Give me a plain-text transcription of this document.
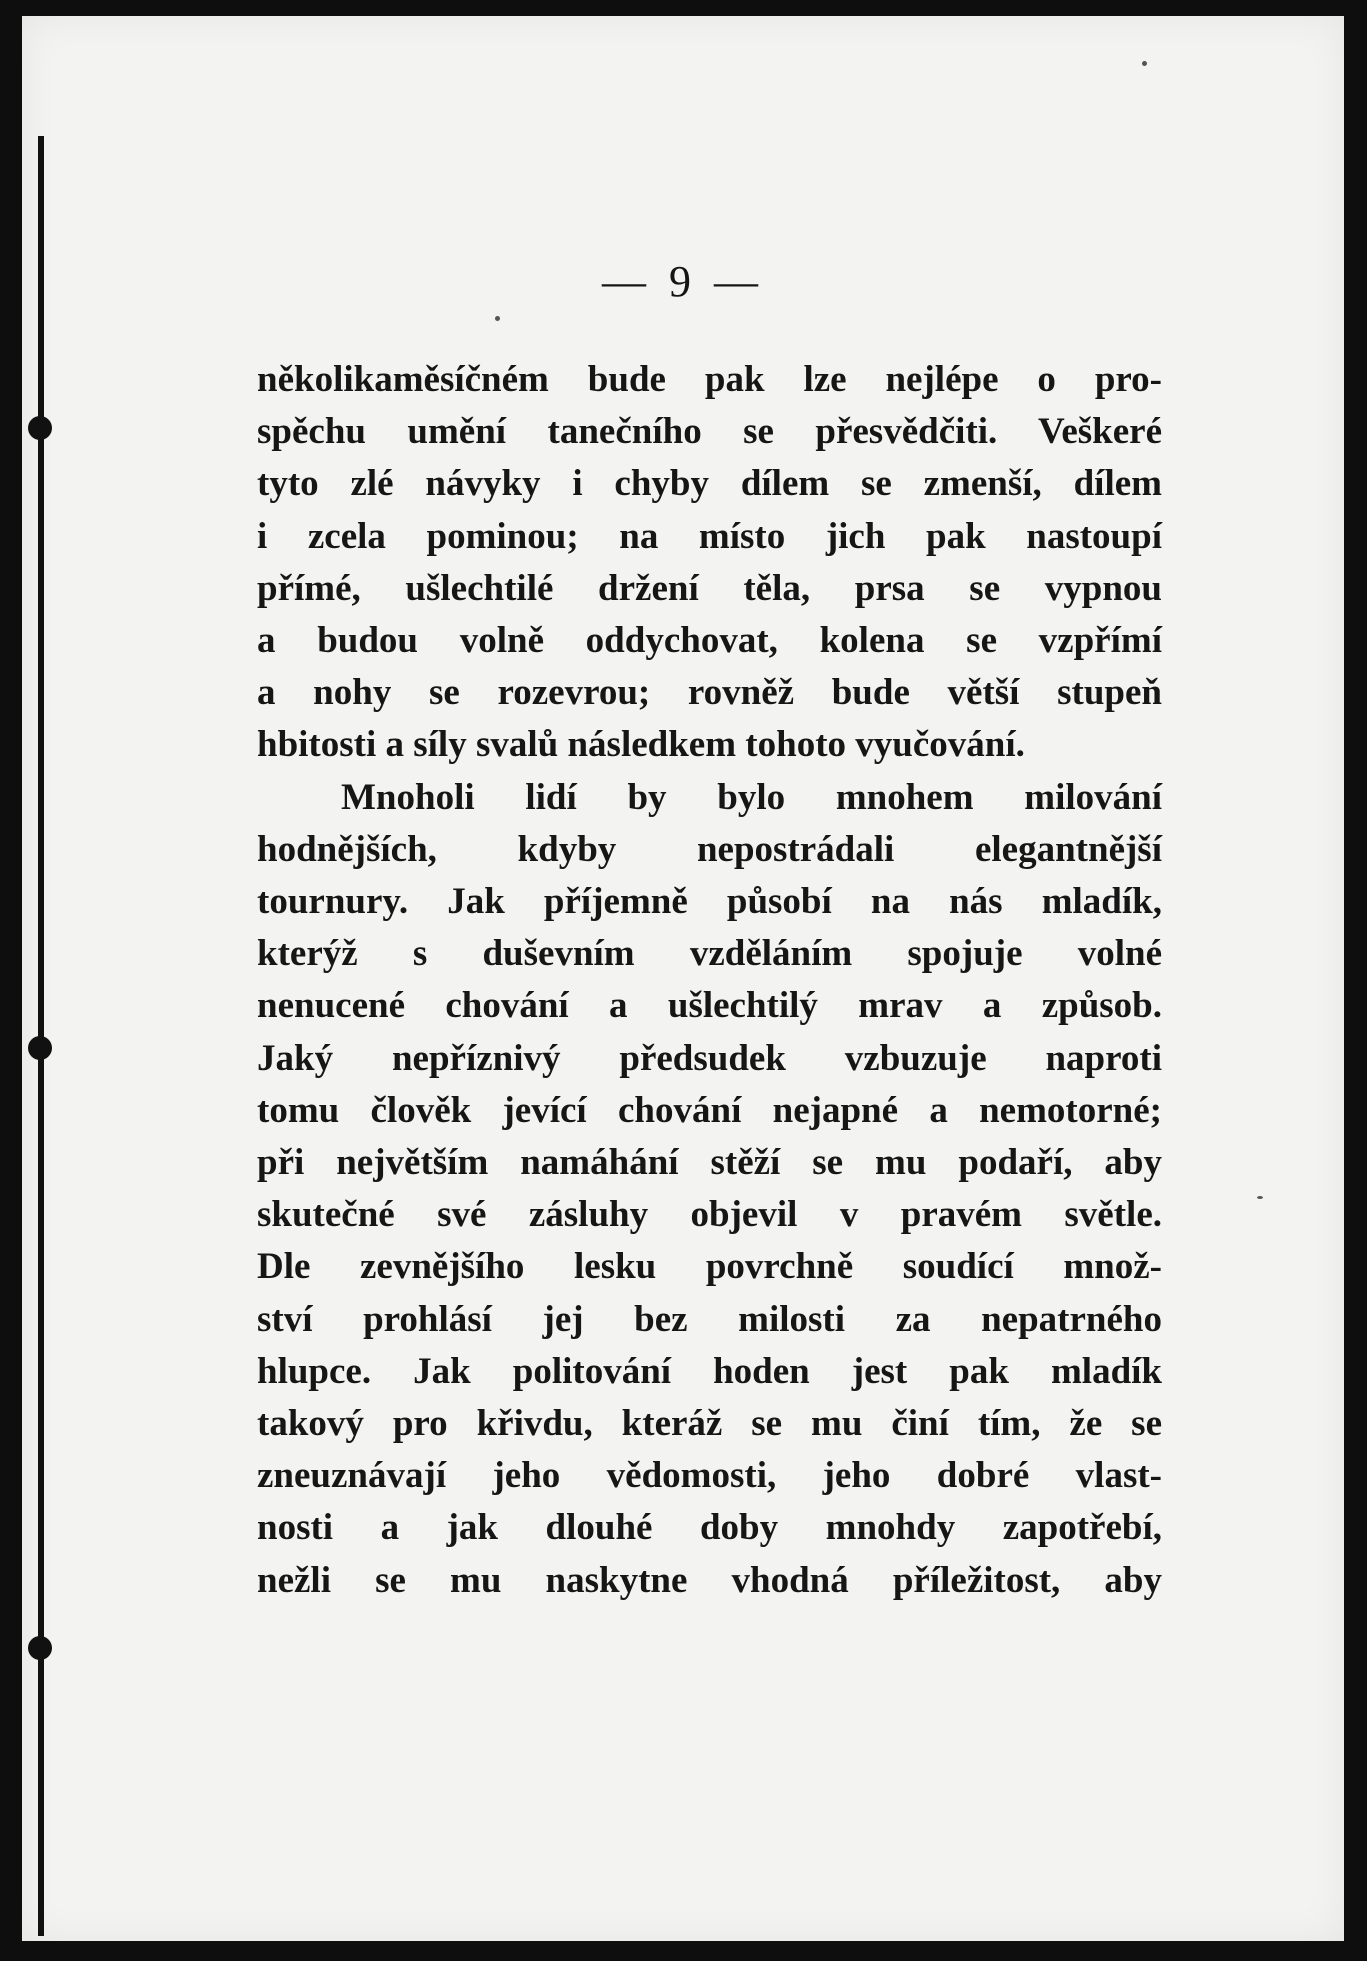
— 9 —
několikaměsíčném bude pak lze nejlépe o pro-
spěchu umění tanečního se přesvědčiti. Veškeré
tyto zlé návyky i chyby dílem se zmenší, dílem
i zcela pominou; na místo jich pak nastoupí
přímé, ušlechtilé držení těla, prsa se vypnou
a budou volně oddychovat, kolena se vzpřímí
a nohy se rozevrou; rovněž bude větší stupeň
hbitosti a síly svalů následkem tohoto vyučování.
Mnoholi lidí by bylo mnohem milování
hodnějších, kdyby nepostrádali elegantnější
tournury. Jak příjemně působí na nás mladík,
kterýž s duševním vzděláním spojuje volné
nenucené chování a ušlechtilý mrav a způsob.
Jaký nepříznivý předsudek vzbuzuje naproti
tomu člověk jevící chování nejapné a nemotorné;
při největším namáhání stěží se mu podaří, aby
skutečné své zásluhy objevil v pravém světle.
Dle zevnějšího lesku povrchně soudící množ-
ství prohlásí jej bez milosti za nepatrného
hlupce. Jak politování hoden jest pak mladík
takový pro křivdu, kteráž se mu činí tím, že se
zneuznávají jeho vědomosti, jeho dobré vlast-
nosti a jak dlouhé doby mnohdy zapotřebí,
nežli se mu naskytne vhodná příležitost, aby
